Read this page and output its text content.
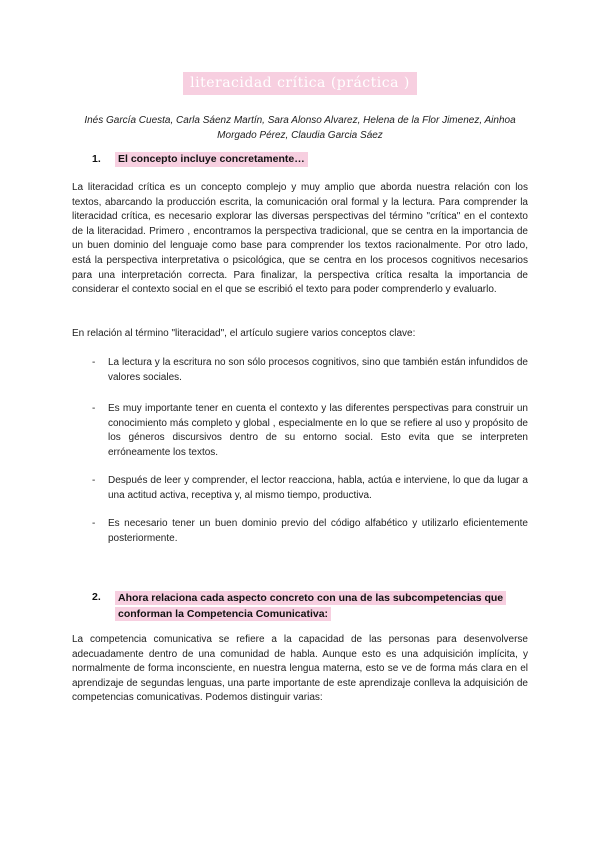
literacidad crítica (práctica )
Inés García Cuesta, Carla Sáenz Martín, Sara Alonso Alvarez, Helena de la Flor Jimenez, Ainhoa Morgado Pérez, Claudia Garcia Sáez
1. El concepto incluye concretamente…
La literacidad crítica es un concepto complejo y muy amplio que aborda nuestra relación con los textos, abarcando la producción escrita, la comunicación oral formal y la lectura. Para comprender la literacidad crítica, es necesario explorar las diversas perspectivas del término "crítica" en el contexto de la literacidad. Primero , encontramos la perspectiva tradicional, que se centra en la importancia de un buen dominio del lenguaje como base para comprender los textos racionalmente. Por otro lado, está la perspectiva interpretativa o psicológica, que se centra en los procesos cognitivos necesarios para una interpretación correcta. Para finalizar, la perspectiva crítica resalta la importancia de considerar el contexto social en el que se escribió el texto para poder comprenderlo y evaluarlo.
En relación al término "literacidad", el artículo sugiere varios conceptos clave:
- La lectura y la escritura no son sólo procesos cognitivos, sino que también están infundidos de valores sociales.
- Es muy importante tener en cuenta el contexto y las diferentes perspectivas para construir un conocimiento más completo y global , especialmente en lo que se refiere al uso y propósito de los géneros discursivos dentro de su entorno social. Esto evita que se interpreten erróneamente los textos.
- Después de leer y comprender, el lector reacciona, habla, actúa e interviene, lo que da lugar a una actitud activa, receptiva y, al mismo tiempo, productiva.
- Es necesario tener un buen dominio previo del código alfabético y utilizarlo eficientemente posteriormente.
2. Ahora relaciona cada aspecto concreto con una de las subcompetencias que conforman la Competencia Comunicativa:
La competencia comunicativa se refiere a la capacidad de las personas para desenvolverse adecuadamente dentro de una comunidad de habla. Aunque esto es una adquisición implícita, y normalmente de forma inconsciente, en nuestra lengua materna, esto se ve de forma más clara en el aprendizaje de segundas lenguas, una parte importante de este aprendizaje conlleva la adquisición de competencias comunicativas. Podemos distinguir varias:
